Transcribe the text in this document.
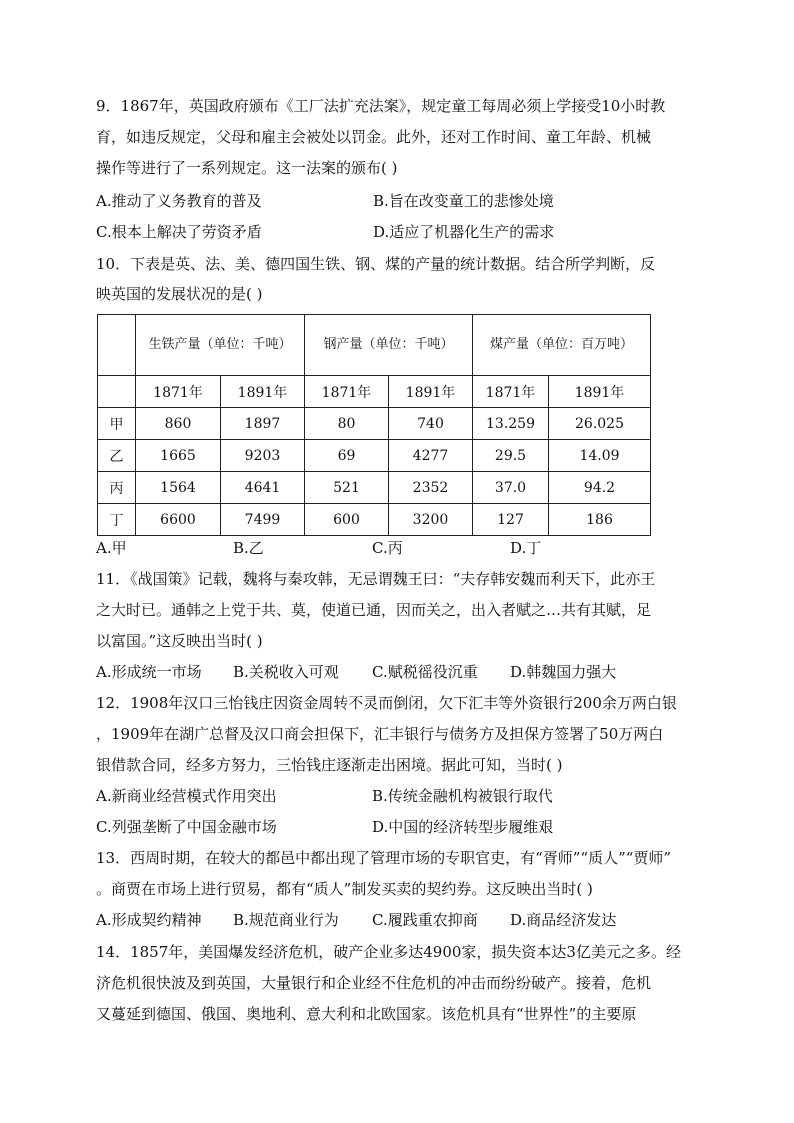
9．1867年，英国政府颁布《工厂法扩充法案》，规定童工每周必须上学接受10小时教
育，如违反规定，父母和雇主会被处以罚金。此外，还对工作时间、童工年龄、机械
操作等进行了一系列规定。这一法案的颁布( )
A.推动了义务教育的普及	B.旨在改变童工的悲惨处境
C.根本上解决了劳资矛盾	D.适应了机器化生产的需求
10．下表是英、法、美、德四国生铁、钢、煤的产量的统计数据。结合所学判断，反
映英国的发展状况的是( )
	生铁产量（单位：千吨）		钢产量（单位：千吨）		煤产量（单位：百万吨）	
	1871年	1891年	1871年	1891年	1871年	1891年
甲	860	1897	80	740	13.259	26.025
乙	1665	9203	69	4277	29.5	14.09
丙	1564	4641	521	2352	37.0	94.2
丁	6600	7499	600	3200	127	186
A.甲	B.乙	C.丙	D.丁
11．《战国策》记载，魏将与秦攻韩，无忌谓魏王曰：“夫存韩安魏而利天下，此亦王
之大时已。通韩之上党于共、莫，使道已通，因而关之，出入者赋之…共有其赋，足
以富国。”这反映出当时( )
A.形成统一市场 B.关税收入可观 C.赋税徭役沉重 D.韩魏国力强大
12．1908年汉口三怡钱庄因资金周转不灵而倒闭，欠下汇丰等外资银行200余万两白银
，1909年在湖广总督及汉口商会担保下，汇丰银行与债务方及担保方签署了50万两白
银借款合同，经多方努力，三怡钱庄逐渐走出困境。据此可知，当时( )
A.新商业经营模式作用突出	B.传统金融机构被银行取代
C.列强垄断了中国金融市场	D.中国的经济转型步履维艰
13．西周时期，在较大的都邑中都出现了管理市场的专职官吏，有“胥师”“质人”“贾师”
。商贾在市场上进行贸易，都有“质人”制发买卖的契约券。这反映出当时( )
A.形成契约精神 B.规范商业行为 C.履践重农抑商 D.商品经济发达
14．1857年，美国爆发经济危机，破产企业多达4900家，损失资本达3亿美元之多。经
济危机很快波及到英国，大量银行和企业经不住危机的冲击而纷纷破产。接着，危机
又蔓延到德国、俄国、奥地利、意大利和北欧国家。该危机具有“世界性”的主要原
